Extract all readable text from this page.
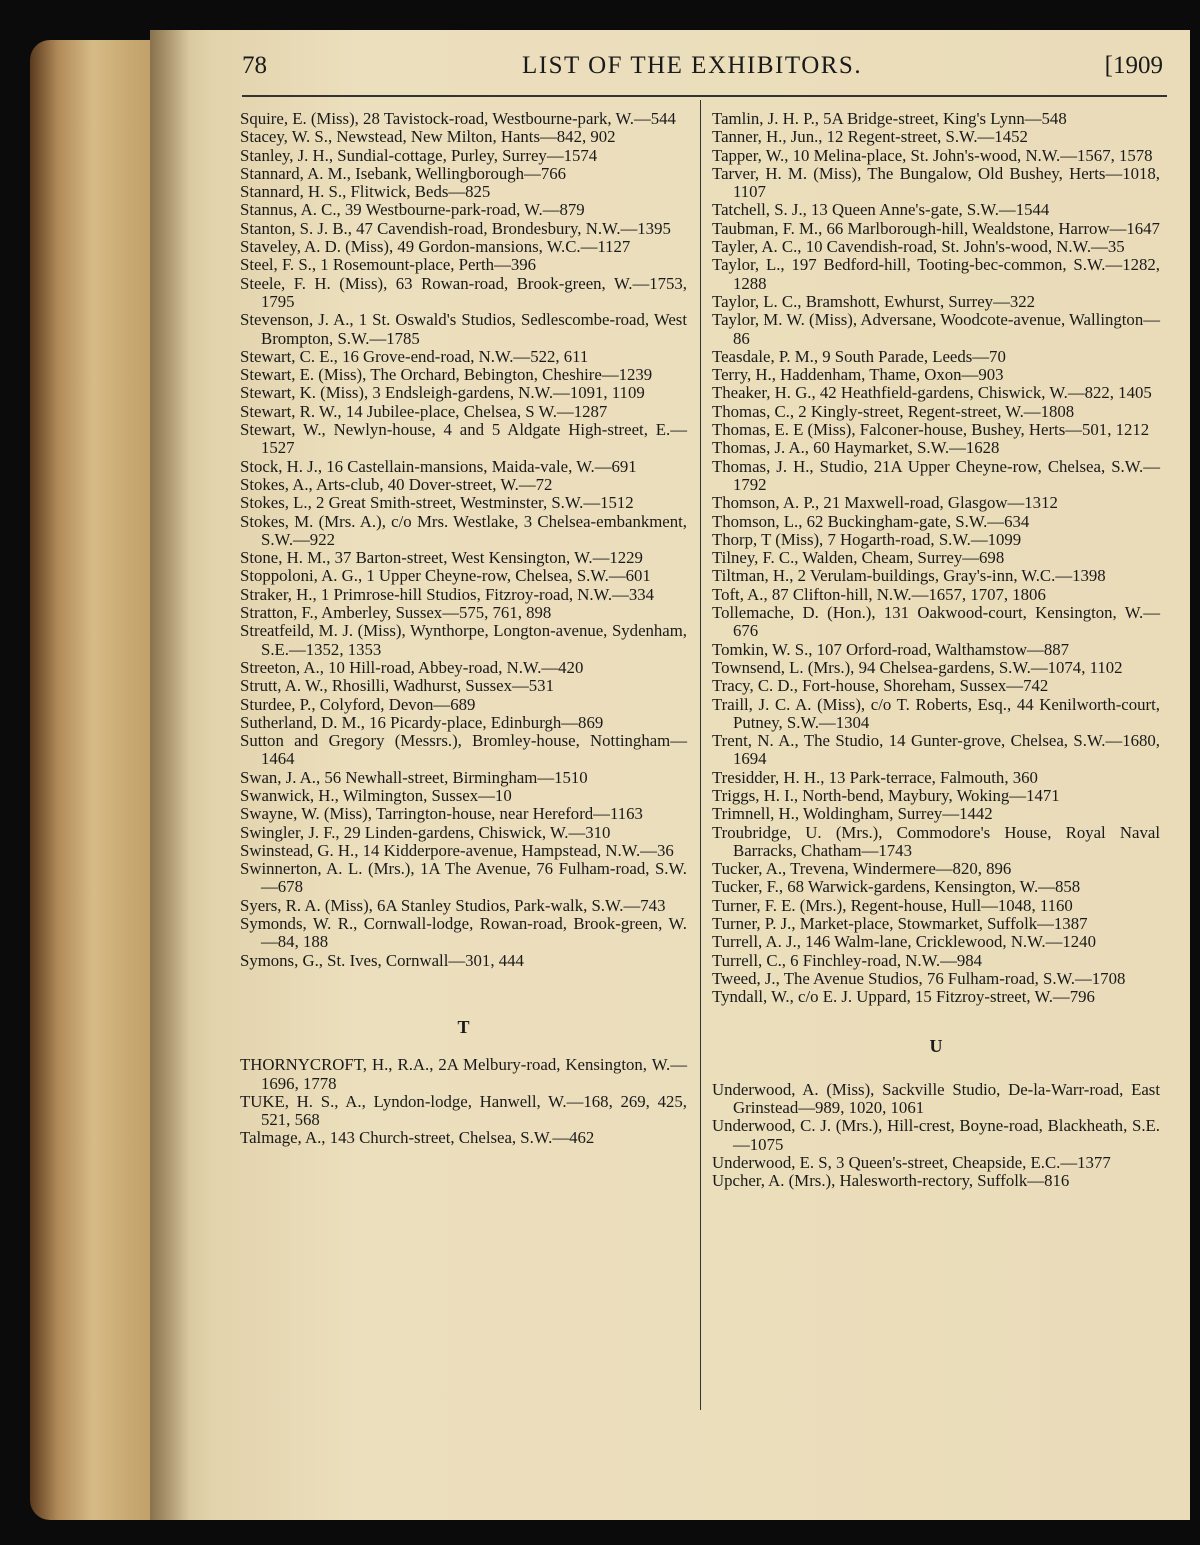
78	LIST OF THE EXHIBITORS.	[1909

Squire, E. (Miss), 28 Tavistock-road, Westbourne-park, W.—544

Stacey, W. S., Newstead, New Milton, Hants—842, 902

Stanley, J. H., Sundial-cottage, Purley, Surrey—1574

Stannard, A. M., Isebank, Wellingborough—766

Stannard, H. S., Flitwick, Beds—825

Stannus, A. C., 39 Westbourne-park-road, W.—879

Stanton, S. J. B., 47 Cavendish-road, Brondesbury, N.W.—1395

Staveley, A. D. (Miss), 49 Gordon-mansions, W.C.—1127

Steel, F. S., 1 Rosemount-place, Perth—396

Steele, F. H. (Miss), 63 Rowan-road, Brook-green, W.—1753, 1795

Stevenson, J. A., 1 St. Oswald's Studios, Sedlescombe-road, West Brompton, S.W.—1785

Stewart, C. E., 16 Grove-end-road, N.W.—522, 611

Stewart, E. (Miss), The Orchard, Bebington, Cheshire—1239

Stewart, K. (Miss), 3 Endsleigh-gardens, N.W.—1091, 1109

Stewart, R. W., 14 Jubilee-place, Chelsea, S W.—1287

Stewart, W., Newlyn-house, 4 and 5 Aldgate High-street, E.—1527

Stock, H. J., 16 Castellain-mansions, Maida-vale, W.—691

Stokes, A., Arts-club, 40 Dover-street, W.—72

Stokes, L., 2 Great Smith-street, Westminster, S.W.—1512

Stokes, M. (Mrs. A.), c/o Mrs. Westlake, 3 Chelsea-embankment, S.W.—922

Stone, H. M., 37 Barton-street, West Kensington, W.—1229

Stoppoloni, A. G., 1 Upper Cheyne-row, Chelsea, S.W.—601

Straker, H., 1 Primrose-hill Studios, Fitzroy-road, N.W.—334

Stratton, F., Amberley, Sussex—575, 761, 898

Streatfeild, M. J. (Miss), Wynthorpe, Longton-avenue, Sydenham, S.E.—1352, 1353

Streeton, A., 10 Hill-road, Abbey-road, N.W.—420

Strutt, A. W., Rhosilli, Wadhurst, Sussex—531

Sturdee, P., Colyford, Devon—689

Sutherland, D. M., 16 Picardy-place, Edinburgh—869

Sutton and Gregory (Messrs.), Bromley-house, Nottingham—1464

Swan, J. A., 56 Newhall-street, Birmingham—1510

Swanwick, H., Wilmington, Sussex—10

Swayne, W. (Miss), Tarrington-house, near Hereford—1163

Swingler, J. F., 29 Linden-gardens, Chiswick, W.—310

Swinstead, G. H., 14 Kidderpore-avenue, Hampstead, N.W.—36

Swinnerton, A. L. (Mrs.), 1A The Avenue, 76 Fulham-road, S.W.—678

Syers, R. A. (Miss), 6A Stanley Studios, Park-walk, S.W.—743

Symonds, W. R., Cornwall-lodge, Rowan-road, Brook-green, W.—84, 188

Symons, G., St. Ives, Cornwall—301, 444

T

THORNYCROFT, H., R.A., 2A Melbury-road, Kensington, W.—1696, 1778

TUKE, H. S., A., Lyndon-lodge, Hanwell, W.—168, 269, 425, 521, 568

Talmage, A., 143 Church-street, Chelsea, S.W.—462

Tamlin, J. H. P., 5A Bridge-street, King's Lynn—548

Tanner, H., Jun., 12 Regent-street, S.W.—1452

Tapper, W., 10 Melina-place, St. John's-wood, N.W.—1567, 1578

Tarver, H. M. (Miss), The Bungalow, Old Bushey, Herts—1018, 1107

Tatchell, S. J., 13 Queen Anne's-gate, S.W.—1544

Taubman, F. M., 66 Marlborough-hill, Wealdstone, Harrow—1647

Tayler, A. C., 10 Cavendish-road, St. John's-wood, N.W.—35

Taylor, L., 197 Bedford-hill, Tooting-bec-common, S.W.—1282, 1288

Taylor, L. C., Bramshott, Ewhurst, Surrey—322

Taylor, M. W. (Miss), Adversane, Woodcote-avenue, Wallington—86

Teasdale, P. M., 9 South Parade, Leeds—70

Terry, H., Haddenham, Thame, Oxon—903

Theaker, H. G., 42 Heathfield-gardens, Chiswick, W.—822, 1405

Thomas, C., 2 Kingly-street, Regent-street, W.—1808

Thomas, E. E (Miss), Falconer-house, Bushey, Herts—501, 1212

Thomas, J. A., 60 Haymarket, S.W.—1628

Thomas, J. H., Studio, 21A Upper Cheyne-row, Chelsea, S.W.—1792

Thomson, A. P., 21 Maxwell-road, Glasgow—1312

Thomson, L., 62 Buckingham-gate, S.W.—634

Thorp, T (Miss), 7 Hogarth-road, S.W.—1099

Tilney, F. C., Walden, Cheam, Surrey—698

Tiltman, H., 2 Verulam-buildings, Gray's-inn, W.C.—1398

Toft, A., 87 Clifton-hill, N.W.—1657, 1707, 1806

Tollemache, D. (Hon.), 131 Oakwood-court, Kensington, W.—676

Tomkin, W. S., 107 Orford-road, Walthamstow—887

Townsend, L. (Mrs.), 94 Chelsea-gardens, S.W.—1074, 1102

Tracy, C. D., Fort-house, Shoreham, Sussex—742

Traill, J. C. A. (Miss), c/o T. Roberts, Esq., 44 Kenilworth-court, Putney, S.W.—1304

Trent, N. A., The Studio, 14 Gunter-grove, Chelsea, S.W.—1680, 1694

Tresidder, H. H., 13 Park-terrace, Falmouth, 360

Triggs, H. I., North-bend, Maybury, Woking—1471

Trimnell, H., Woldingham, Surrey—1442

Troubridge, U. (Mrs.), Commodore's House, Royal Naval Barracks, Chatham—1743

Tucker, A., Trevena, Windermere—820, 896

Tucker, F., 68 Warwick-gardens, Kensington, W.—858

Turner, F. E. (Mrs.), Regent-house, Hull—1048, 1160

Turner, P. J., Market-place, Stowmarket, Suffolk—1387

Turrell, A. J., 146 Walm-lane, Cricklewood, N.W.—1240

Turrell, C., 6 Finchley-road, N.W.—984

Tweed, J., The Avenue Studios, 76 Fulham-road, S.W.—1708

Tyndall, W., c/o E. J. Uppard, 15 Fitzroy-street, W.—796

U

Underwood, A. (Miss), Sackville Studio, De-la-Warr-road, East Grinstead—989, 1020, 1061

Underwood, C. J. (Mrs.), Hill-crest, Boyne-road, Blackheath, S.E.—1075

Underwood, E. S, 3 Queen's-street, Cheapside, E.C.—1377

Upcher, A. (Mrs.), Halesworth-rectory, Suffolk—816
